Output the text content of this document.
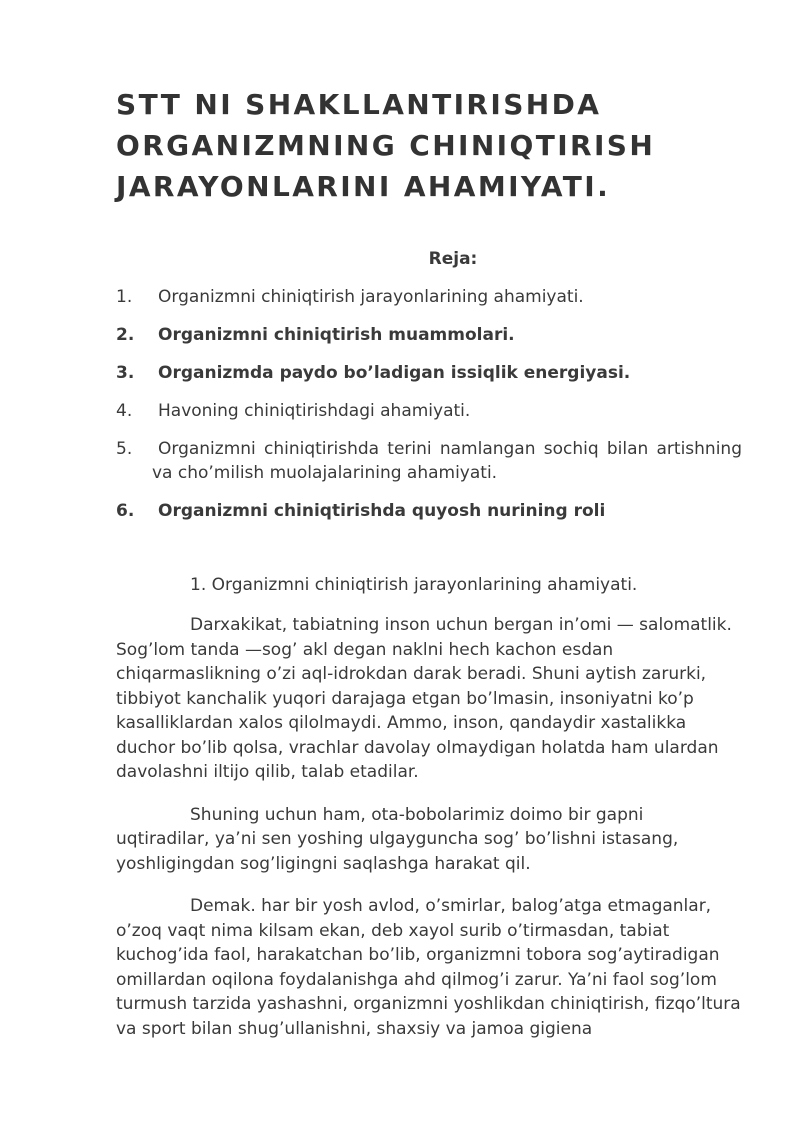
STT NI SHAKLLANTIRISHDA ORGANIZMNING CHINIQTIRISH JARAYONLARINI AHAMIYATI.
Reja:
1. Organizmni chiniqtirish jarayonlarining ahamiyati.
2. Organizmni chiniqtirish muammolari.
3. Organizmda paydo bo’ladigan issiqlik energiyasi.
4. Havoning chiniqtirishdagi ahamiyati.
5. Organizmni chiniqtirishda terini namlangan sochiq bilan artishning va cho’milish muolajalarining ahamiyati.
6. Organizmni chiniqtirishda quyosh nurining roli

1. Organizmni chiniqtirish jarayonlarining ahamiyati.

Darxakikat, tabiatning inson uchun bergan in’omi — salomatlik. Sog’lom tanda —sog’ akl degan naklni hech kachon esdan chiqarmaslikning o’zi aql-idrokdan darak beradi. Shuni aytish zarurki, tibbiyot kanchalik yuqori darajaga etgan bo’lmasin, insoniyatni ko’p kasalliklardan xalos qilolmaydi. Ammo, inson, qandaydir xastalikka duchor bo’lib qolsa, vrachlar davolay olmaydigan holatda ham ulardan davolashni iltijo qilib, talab etadilar.

Shuning uchun ham, ota-bobolarimiz doimo bir gapni uqtiradilar, ya’ni sen yoshing ulgayguncha sog’ bo’lishni istasang, yoshligingdan sog’ligingni saqlashga harakat qil.

Demak. har bir yosh avlod, o’smirlar, balog’atga etmaganlar, o’zoq vaqt nima kilsam ekan, deb xayol surib o’tirmasdan, tabiat kuchog’ida faol, harakatchan bo’lib, organizmni tobora sog’aytiradigan omillardan oqilona foydalanishga ahd qilmog’i zarur. Ya’ni faol sog’lom turmush tarzida yashashni, organizmni yoshlikdan chiniqtirish, fizqo’ltura va sport bilan shug’ullanishni, shaxsiy va jamoa gigiena
